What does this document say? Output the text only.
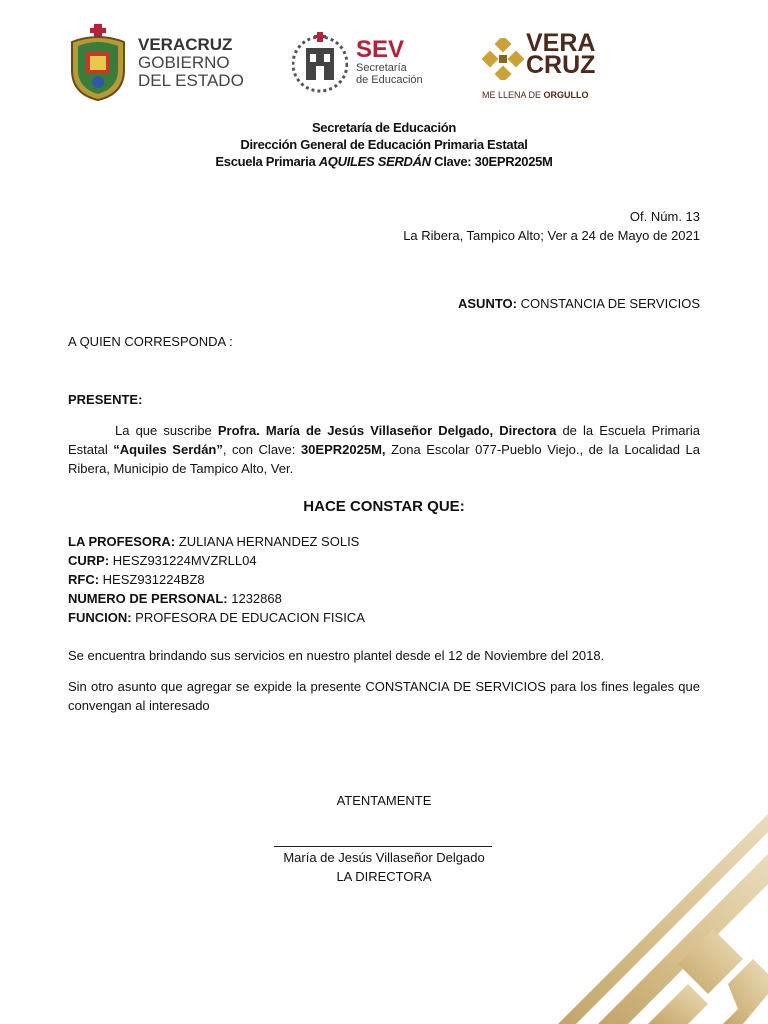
VERACRUZ
GOBIERNO
DEL ESTADO
SEV
Secretaría
de Educación
VERA
CRUZ
ME LLENA DE ORGULLO
Secretaría de Educación
Dirección General de Educación Primaria Estatal
Escuela Primaria AQUILES SERDÁN Clave: 30EPR2025M
Of. Núm. 13
La Ribera, Tampico Alto; Ver a 24 de Mayo de 2021
ASUNTO: CONSTANCIA DE SERVICIOS
A QUIEN CORRESPONDA :
PRESENTE:
La que suscribe Profra. María de Jesús Villaseñor Delgado, Directora de la Escuela Primaria Estatal “Aquiles Serdán”, con Clave: 30EPR2025M, Zona Escolar 077-Pueblo Viejo., de la Localidad La Ribera, Municipio de Tampico Alto, Ver.
HACE CONSTAR QUE:
LA PROFESORA: ZULIANA HERNANDEZ SOLIS
CURP: HESZ931224MVZRLL04
RFC: HESZ931224BZ8
NUMERO DE PERSONAL: 1232868
FUNCION: PROFESORA DE EDUCACION FISICA
Se encuentra brindando sus servicios en nuestro plantel desde el 12 de Noviembre del 2018.
Sin otro asunto que agregar se expide la presente CONSTANCIA DE SERVICIOS para los fines legales que convengan al interesado
ATENTAMENTE
María de Jesús Villaseñor Delgado
LA DIRECTORA
